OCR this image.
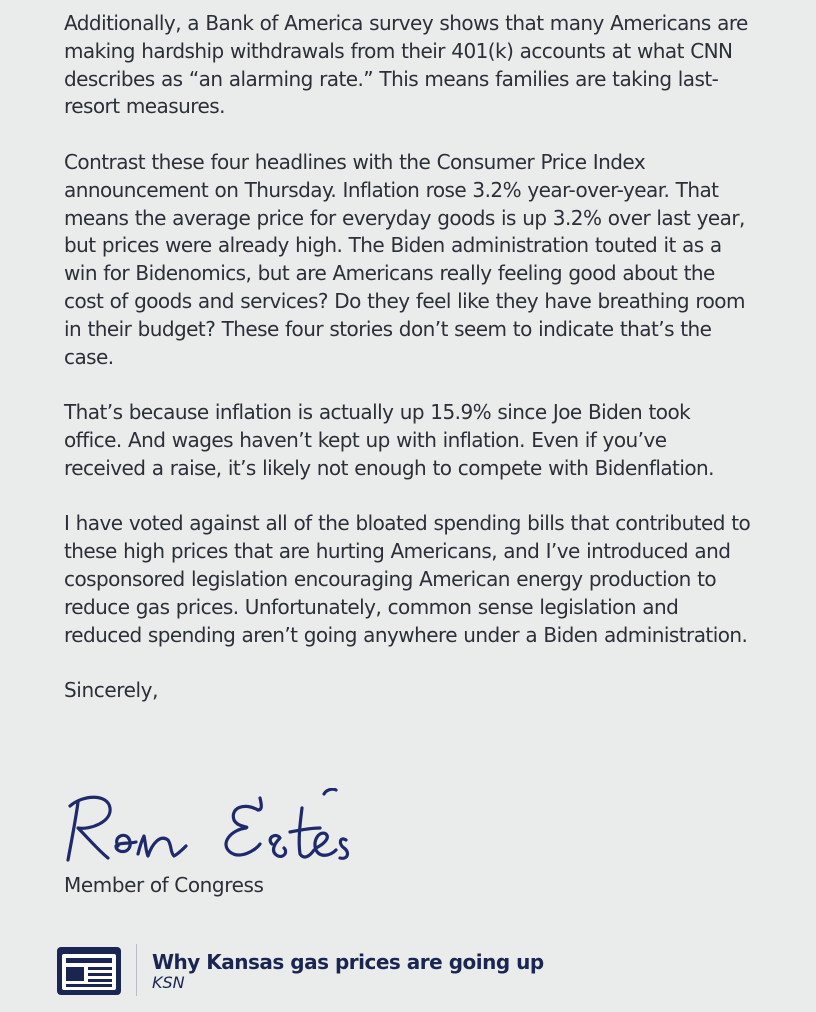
Additionally, a Bank of America survey shows that many Americans are making hardship withdrawals from their 401(k) accounts at what CNN describes as “an alarming rate.” This means families are taking last-resort measures.

Contrast these four headlines with the Consumer Price Index announcement on Thursday. Inflation rose 3.2% year-over-year. That means the average price for everyday goods is up 3.2% over last year, but prices were already high. The Biden administration touted it as a win for Bidenomics, but are Americans really feeling good about the cost of goods and services? Do they feel like they have breathing room in their budget? These four stories don’t seem to indicate that’s the case.

That’s because inflation is actually up 15.9% since Joe Biden took office. And wages haven’t kept up with inflation. Even if you’ve received a raise, it’s likely not enough to compete with Bidenflation.

I have voted against all of the bloated spending bills that contributed to these high prices that are hurting Americans, and I’ve introduced and cosponsored legislation encouraging American energy production to reduce gas prices. Unfortunately, common sense legislation and reduced spending aren’t going anywhere under a Biden administration.

Sincerely,

Member of Congress

Why Kansas gas prices are going up
KSN
